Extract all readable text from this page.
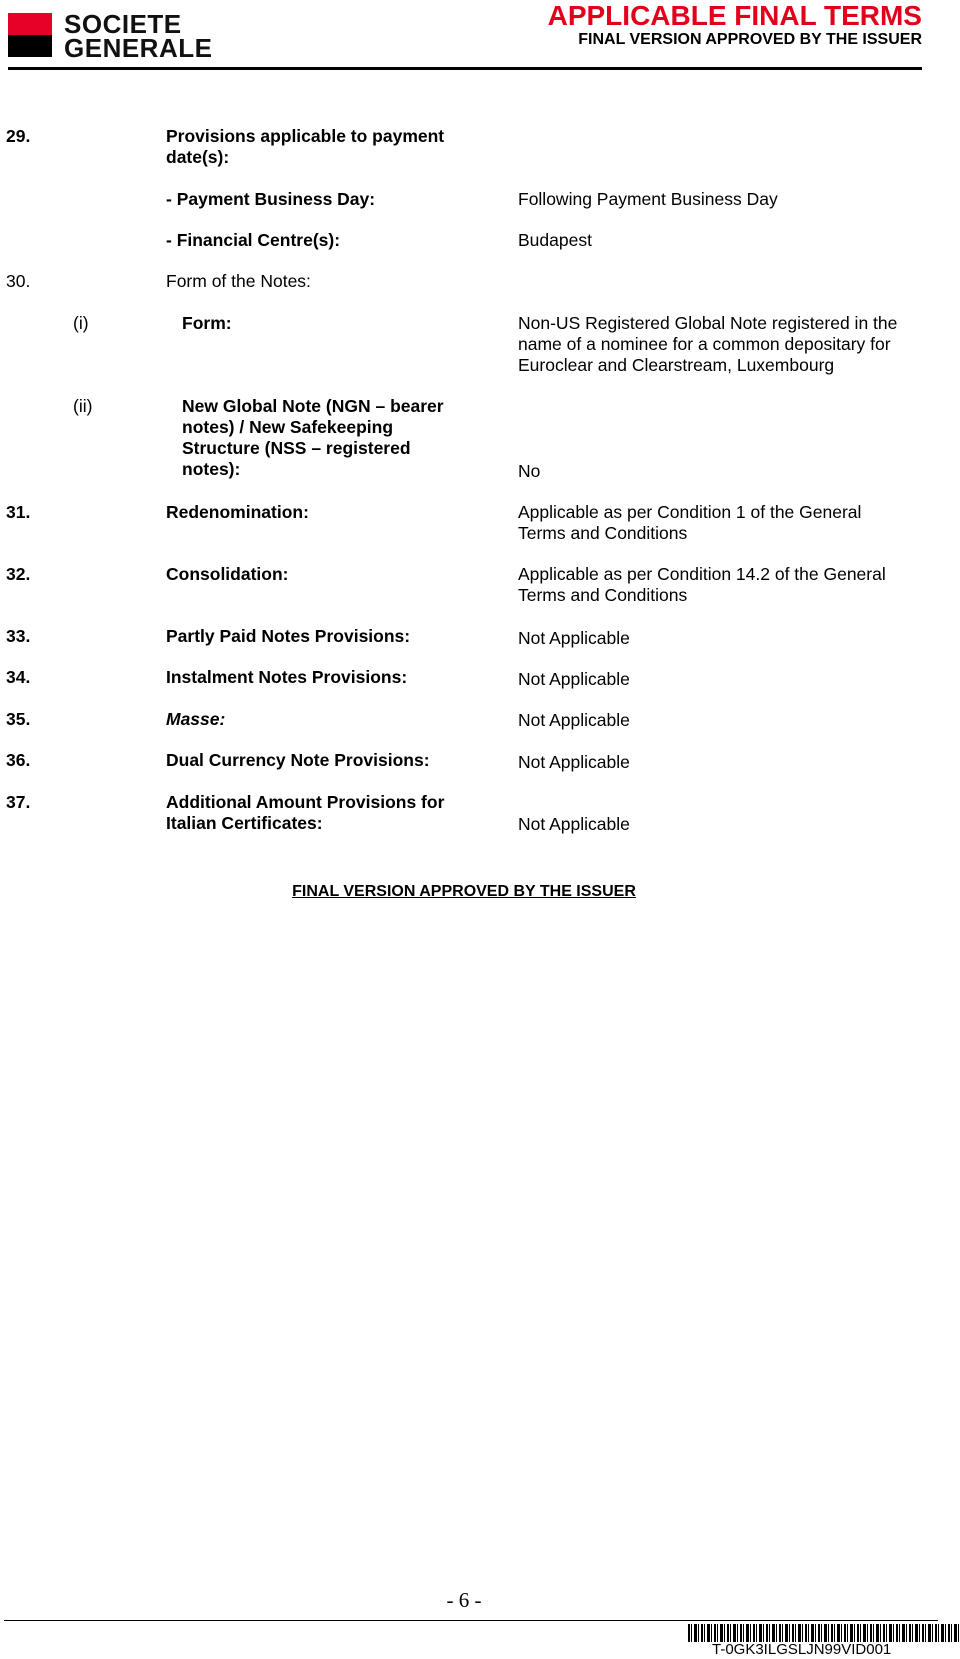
SOCIETE
GENERALE
APPLICABLE FINAL TERMS
FINAL VERSION APPROVED BY THE ISSUER
29.	Provisions applicable to payment
date(s):
- Payment Business Day:	Following Payment Business Day
- Financial Centre(s):	Budapest
30.	Form of the Notes:
(i)	Form:	Non-US Registered Global Note registered in the
name of a nominee for a common depositary for
Euroclear and Clearstream, Luxembourg
(ii)	New Global Note (NGN – bearer
notes) / New Safekeeping
Structure (NSS – registered
notes):	No
31.	Redenomination:	Applicable as per Condition 1 of the General
Terms and Conditions
32.	Consolidation:	Applicable as per Condition 14.2 of the General
Terms and Conditions
33.	Partly Paid Notes Provisions:	Not Applicable
34.	Instalment Notes Provisions:	Not Applicable
35.	Masse:	Not Applicable
36.	Dual Currency Note Provisions:	Not Applicable
37.	Additional Amount Provisions for
Italian Certificates:	Not Applicable
FINAL VERSION APPROVED BY THE ISSUER
- 6 -
T-0GK3ILGSLJN99VID001
